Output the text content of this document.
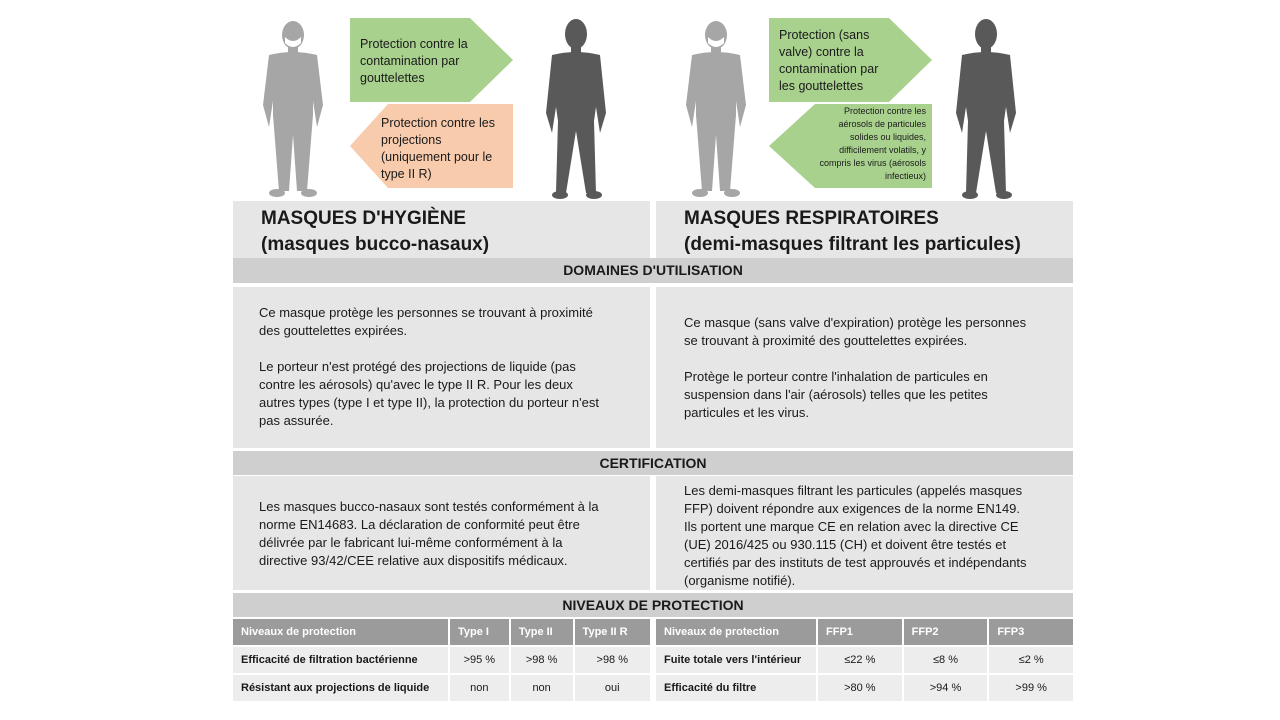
Protection contre la contamination par gouttelettes
Protection contre les projections (uniquement pour le type II R)
Protection (sans valve) contre la contamination par les gouttelettes
Protection contre les aérosols de particules solides ou liquides, difficilement volatils, y compris les virus (aérosols infectieux)
MASQUES D'HYGIÈNE
(masques bucco-nasaux)
MASQUES RESPIRATOIRES
(demi-masques filtrant les particules)
DOMAINES D'UTILISATION

Ce masque protège les personnes se trouvant à proximité des gouttelettes expirées.

Le porteur n'est protégé des projections de liquide (pas contre les aérosols) qu'avec le type II R. Pour les deux autres types (type I et type II), la protection du porteur n'est pas assurée.

Ce masque (sans valve d'expiration) protège les personnes se trouvant à proximité des gouttelettes expirées.

Protège le porteur contre l'inhalation de particules en suspension dans l'air (aérosols) telles que les petites particules et les virus.

CERTIFICATION

Les masques bucco-nasaux sont testés conformément à la norme EN14683. La déclaration de conformité peut être délivrée par le fabricant lui-même conformément à la directive 93/42/CEE relative aux dispositifs médicaux.

Les demi-masques filtrant les particules (appelés masques FFP) doivent répondre aux exigences de la norme EN149. Ils portent une marque CE en relation avec la directive CE (UE) 2016/425 ou 930.115 (CH) et doivent être testés et certifiés par des instituts de test approuvés et indépendants (organisme notifié).

NIVEAUX DE PROTECTION
Niveaux de protection	Type I	Type II	Type II R
Efficacité de filtration bactérienne	>95 %	>98 %	>98 %
Résistant aux projections de liquide	non	non	oui
Niveaux de protection	FFP1	FFP2	FFP3
Fuite totale vers l'intérieur	≤22 %	≤8 %	≤2 %
Efficacité du filtre	>80 %	>94 %	>99 %
